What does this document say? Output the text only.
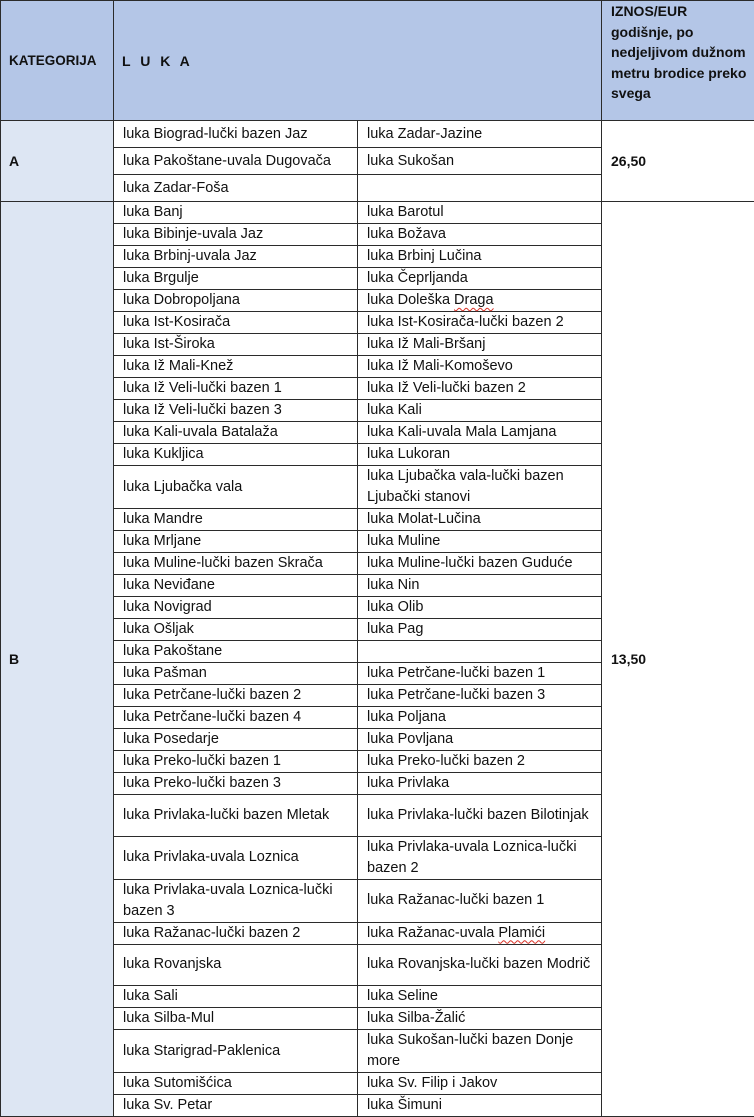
KATEGORIJA	L U K A		IZNOS/EUR godišnje, po nedjeljivom dužnom metru brodice preko svega
A	luka Biograd-lučki bazen Jaz	luka Zadar-Jazine	26,50
	luka Pakoštane-uvala Dugovača	luka Sukošan	
	luka Zadar-Foša		
B	luka Banj	luka Barotul	13,50
	luka Bibinje-uvala Jaz	luka Božava	
	luka Brbinj-uvala Jaz	luka Brbinj Lučina	
	luka Brgulje	luka Čeprljanda	
	luka Dobropoljana	luka Doleška Draga	
	luka Ist-Kosirača	luka Ist-Kosirača-lučki bazen 2	
	luka Ist-Široka	luka Iž Mali-Bršanj	
	luka Iž Mali-Knež	luka Iž Mali-Komoševo	
	luka Iž Veli-lučki bazen 1	luka Iž Veli-lučki bazen 2	
	luka Iž Veli-lučki bazen 3	luka Kali	
	luka Kali-uvala Batalaža	luka Kali-uvala Mala Lamjana	
	luka Kukljica	luka Lukoran	
	luka Ljubačka vala	luka Ljubačka vala-lučki bazen Ljubački stanovi	
	luka Mandre	luka Molat-Lučina	
	luka Mrljane	luka Muline	
	luka Muline-lučki bazen Skrača	luka Muline-lučki bazen Guduće	
	luka Neviđane	luka Nin	
	luka Novigrad	luka Olib	
	luka Ošljak	luka Pag	
	luka Pakoštane		
	luka Pašman	luka Petrčane-lučki bazen 1	
	luka Petrčane-lučki bazen 2	luka Petrčane-lučki bazen 3	
	luka Petrčane-lučki bazen 4	luka Poljana	
	luka Posedarje	luka Povljana	
	luka Preko-lučki bazen 1	luka Preko-lučki bazen 2	
	luka Preko-lučki bazen 3	luka Privlaka	
	luka Privlaka-lučki bazen Mletak	luka Privlaka-lučki bazen Bilotinjak	
	luka Privlaka-uvala Loznica	luka Privlaka-uvala Loznica-lučki bazen 2	
	luka Privlaka-uvala Loznica-lučki bazen 3	luka Ražanac-lučki bazen 1	
	luka Ražanac-lučki bazen 2	luka Ražanac-uvala Plamići	
	luka Rovanjska	luka Rovanjska-lučki bazen Modrič	
	luka Sali	luka Seline	
	luka Silba-Mul	luka Silba-Žalić	
	luka Starigrad-Paklenica	luka Sukošan-lučki bazen Donje more	
	luka Sutomišćica	luka Sv. Filip i Jakov	
	luka Sv. Petar	luka Šimuni	
